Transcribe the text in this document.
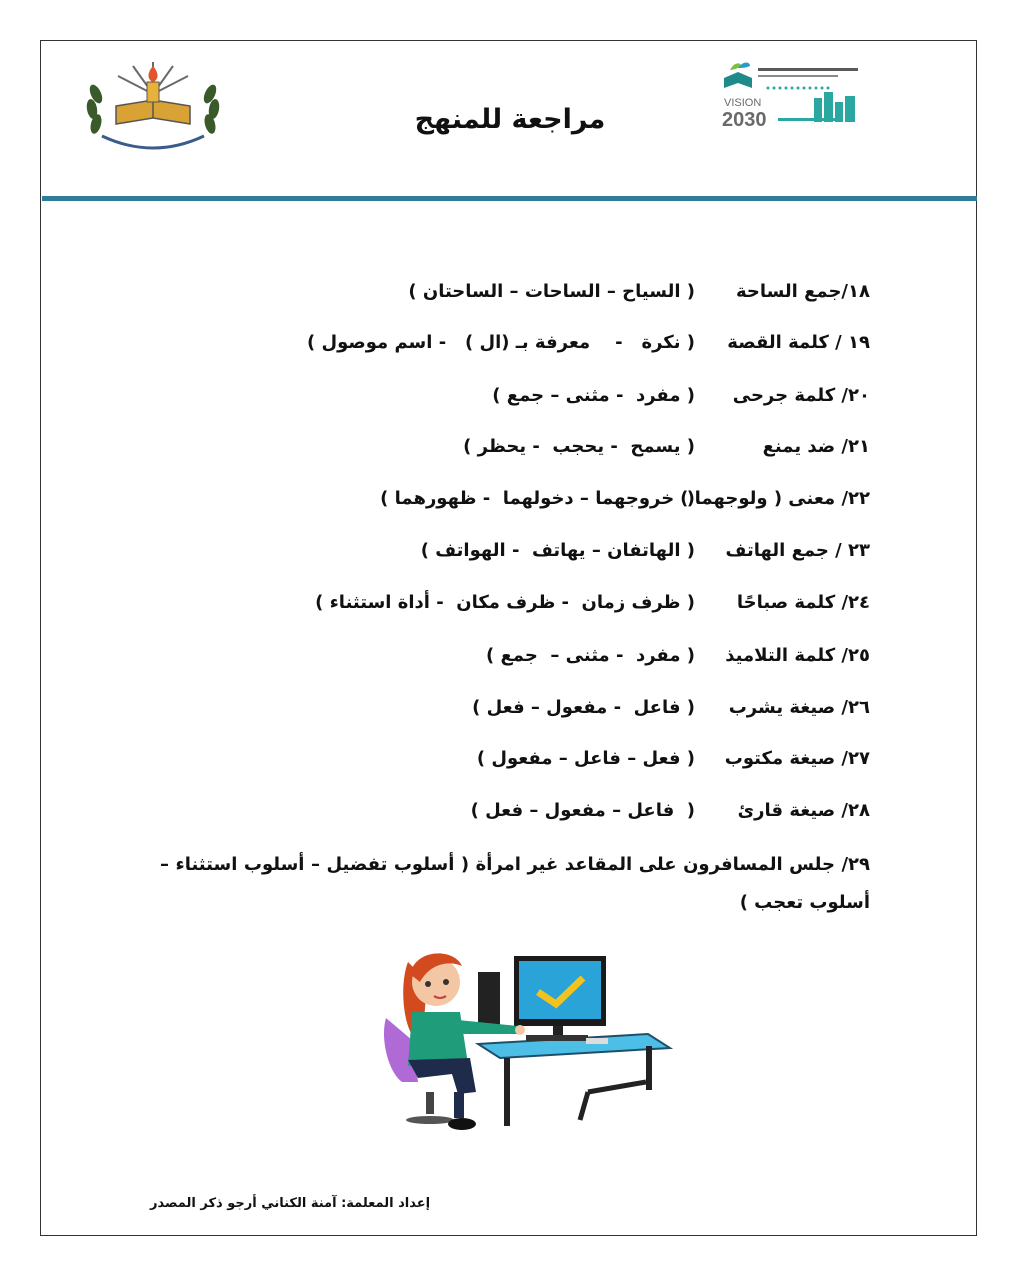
VISION
2030
مراجعة للمنهج
١٨/جمع الساحة( السياح – الساحات – الساحتان )
١٩ / كلمة القصة( نكرة   -    معرفة بـ (ال )   - اسم موصول )
٢٠/ كلمة جرحى( مفرد  - مثنى – جمع )
٢١/ ضد يمنع( يسمح  - يحجب  - يحظر )
٢٢/ معنى ( ولوجهما )(  خروجهما – دخولهما  - ظهورهما )
٢٣ / جمع الهاتف( الهاتفان – يهاتف  - الهواتف )
٢٤/ كلمة صباحًا( ظرف زمان  - ظرف مكان  - أداة استثناء )
٢٥/ كلمة التلاميذ( مفرد  - مثنى –  جمع )
٢٦/ صيغة يشرب( فاعل  - مفعول – فعل )
٢٧/ صيغة مكتوب( فعل – فاعل – مفعول )
٢٨/ صيغة قارئ(  فاعل – مفعول – فعل )
٢٩/ جلس المسافرون على المقاعد غير امرأة ( أسلوب تفضيل – أسلوب استثناء – أسلوب تعجب )
إعداد المعلمة: آمنة الكناني أرجو ذكر المصدر
